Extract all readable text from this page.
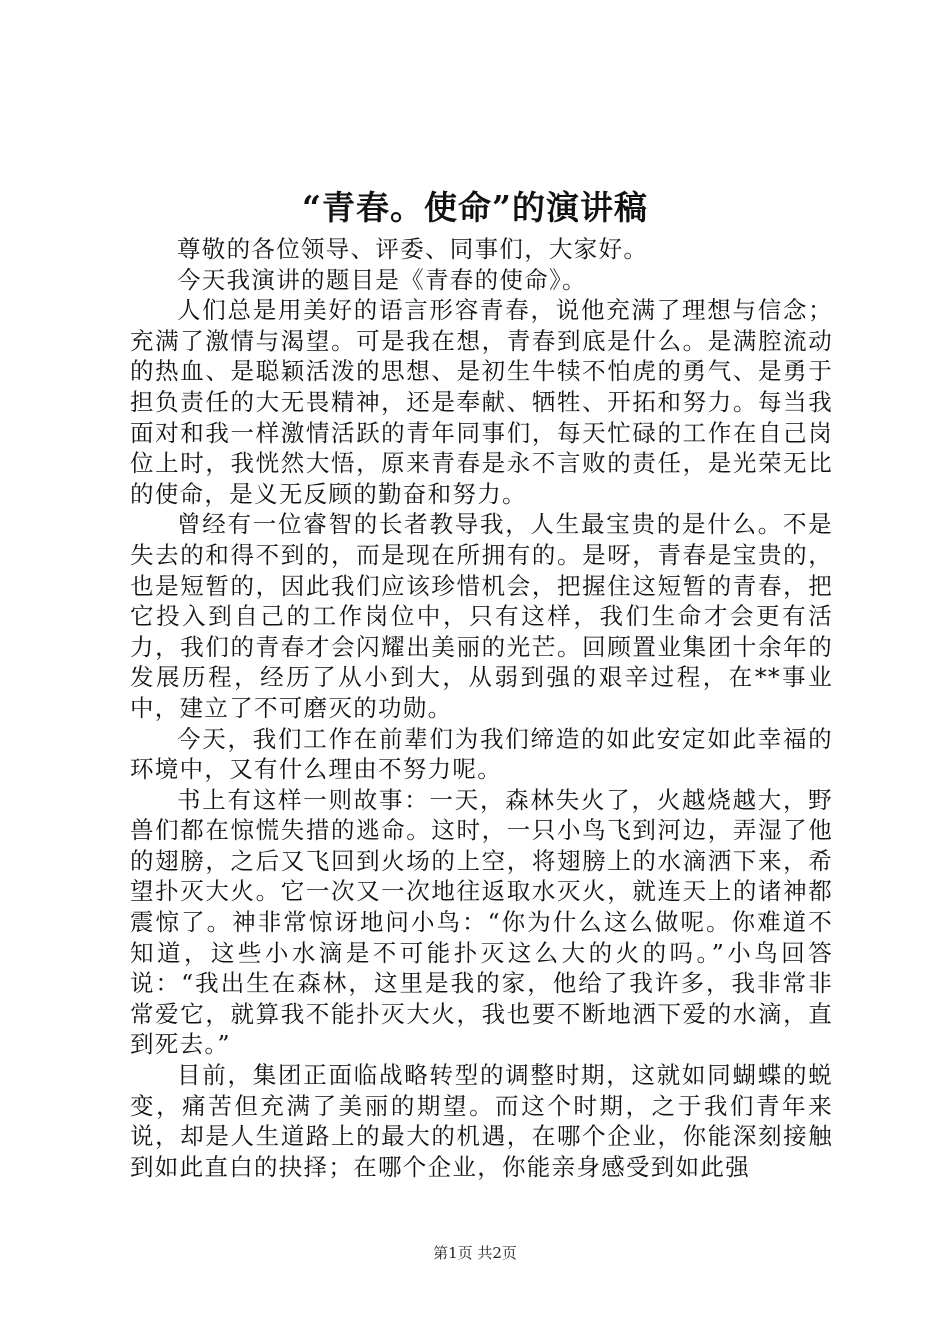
“青春。使命”的演讲稿

尊敬的各位领导、评委、同事们，大家好。

今天我演讲的题目是《青春的使命》。

人们总是用美好的语言形容青春，说他充满了理想与信念；充满了激情与渴望。可是我在想，青春到底是什么。是满腔流动的热血、是聪颖活泼的思想、是初生牛犊不怕虎的勇气、是勇于担负责任的大无畏精神，还是奉献、牺牲、开拓和努力。每当我面对和我一样激情活跃的青年同事们，每天忙碌的工作在自己岗位上时，我恍然大悟，原来青春是永不言败的责任，是光荣无比的使命，是义无反顾的勤奋和努力。

曾经有一位睿智的长者教导我，人生最宝贵的是什么。不是失去的和得不到的，而是现在所拥有的。是呀，青春是宝贵的，也是短暂的，因此我们应该珍惜机会，把握住这短暂的青春，把它投入到自己的工作岗位中，只有这样，我们生命才会更有活力，我们的青春才会闪耀出美丽的光芒。回顾置业集团十余年的发展历程，经历了从小到大，从弱到强的艰辛过程，在**事业中，建立了不可磨灭的功勋。

今天，我们工作在前辈们为我们缔造的如此安定如此幸福的环境中，又有什么理由不努力呢。

书上有这样一则故事：一天，森林失火了，火越烧越大，野兽们都在惊慌失措的逃命。这时，一只小鸟飞到河边，弄湿了他的翅膀，之后又飞回到火场的上空，将翅膀上的水滴洒下来，希望扑灭大火。它一次又一次地往返取水灭火，就连天上的诸神都震惊了。神非常惊讶地问小鸟：“你为什么这么做呢。你难道不知道，这些小水滴是不可能扑灭这么大的火的吗。”小鸟回答说：“我出生在森林，这里是我的家，他给了我许多，我非常非常爱它，就算我不能扑灭大火，我也要不断地洒下爱的水滴，直到死去。”

目前，集团正面临战略转型的调整时期，这就如同蝴蝶的蜕变，痛苦但充满了美丽的期望。而这个时期，之于我们青年来说，却是人生道路上的最大的机遇，在哪个企业，你能深刻接触到如此直白的抉择；在哪个企业，你能亲身感受到如此强

第1页 共2页
